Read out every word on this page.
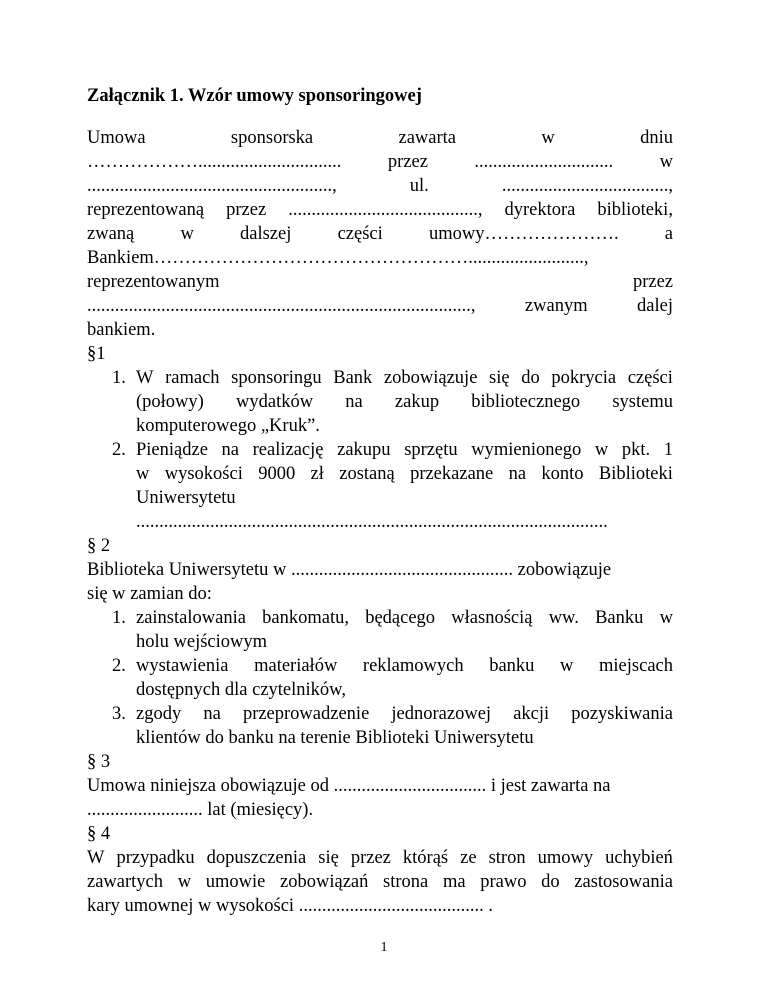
Załącznik 1. Wzór umowy sponsoringowej
Umowa	sponsorska	zawarta	w	dniu
………………...............................	przez	..............................	w
.....................................................,	ul.	....................................,
reprezentowaną przez ........................................., dyrektora biblioteki,
zwaną w dalszej części umowy…………………. a
Bankiem…………………………………………….........................,
reprezentowanym	przez
...................................................................................,	zwanym	dalej
bankiem.
§1
1. W ramach sponsoringu Bank zobowiązuje się do pokrycia części
(połowy) wydatków na zakup bibliotecznego systemu
komputerowego „Kruk”.
2. Pieniądze na realizację zakupu sprzętu wymienionego w pkt. 1
w wysokości 9000 zł zostaną przekazane na konto Biblioteki
Uniwersytetu
......................................................................................................
§ 2
Biblioteka Uniwersytetu w ................................................ zobowiązuje
się w zamian do:
1. zainstalowania bankomatu, będącego własnością ww. Banku w
holu wejściowym
2. wystawienia materiałów reklamowych banku w miejscach
dostępnych dla czytelników,
3. zgody na przeprowadzenie jednorazowej akcji pozyskiwania
klientów do banku na terenie Biblioteki Uniwersytetu
§ 3
Umowa niniejsza obowiązuje od ................................. i jest zawarta na
......................... lat (miesięcy).
§ 4
W przypadku dopuszczenia się przez którąś ze stron umowy uchybień
zawartych w umowie zobowiązań strona ma prawo do zastosowania
kary umownej w wysokości ........................................ .
1
